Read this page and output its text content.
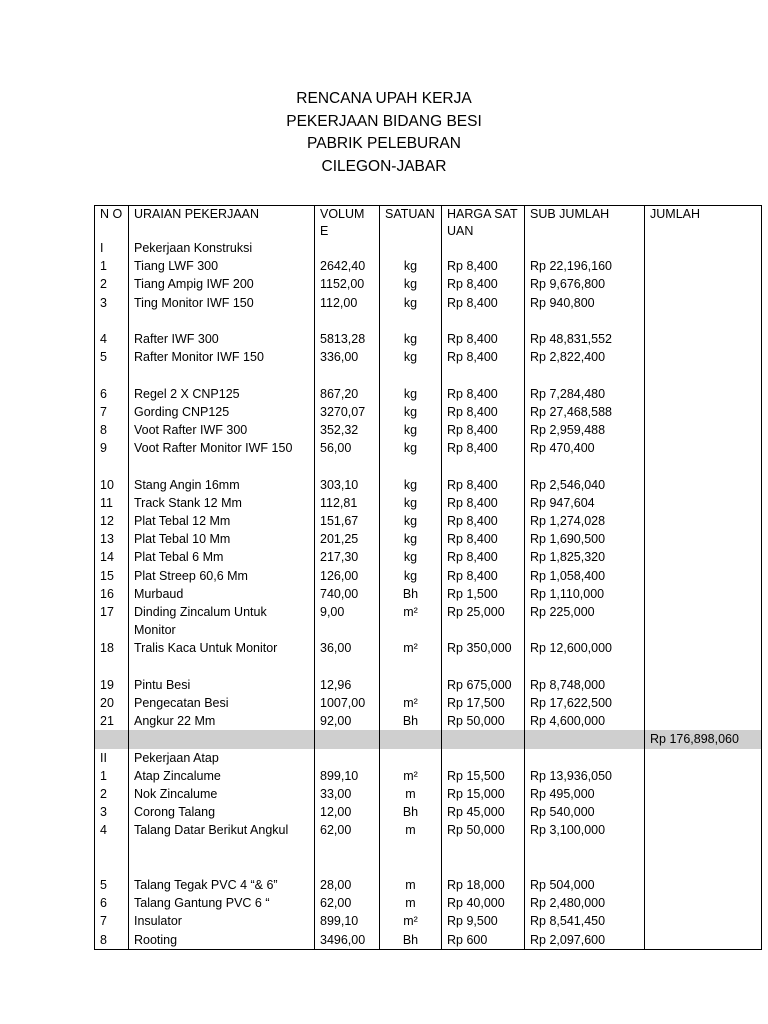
RENCANA UPAH KERJA
PEKERJAAN BIDANG BESI
PABRIK PELEBURAN
CILEGON-JABAR
N O	URAIAN PEKERJAAN	VOLUM E	SATUAN	HARGA SATUAN	SUB JUMLAH	JUMLAH
I	Pekerjaan Konstruksi					
1	Tiang LWF 300	2642,40	kg	Rp 8,400	Rp 22,196,160	
2	Tiang Ampig IWF 200	1152,00	kg	Rp 8,400	Rp 9,676,800	
3	Ting Monitor IWF 150	112,00	kg	Rp 8,400	Rp 940,800	

4	Rafter IWF 300	5813,28	kg	Rp 8,400	Rp 48,831,552	
5	Rafter Monitor IWF 150	336,00	kg	Rp 8,400	Rp 2,822,400	

6	Regel 2 X CNP125	867,20	kg	Rp 8,400	Rp 7,284,480	
7	Gording CNP125	3270,07	kg	Rp 8,400	Rp 27,468,588	
8	Voot Rafter IWF 300	352,32	kg	Rp 8,400	Rp 2,959,488	
9	Voot Rafter Monitor IWF 150	56,00	kg	Rp 8,400	Rp 470,400	

10	Stang Angin 16mm	303,10	kg	Rp 8,400	Rp 2,546,040	
11	Track Stank 12 Mm	112,81	kg	Rp 8,400	Rp 947,604	
12	Plat Tebal 12 Mm	151,67	kg	Rp 8,400	Rp 1,274,028	
13	Plat Tebal 10 Mm	201,25	kg	Rp 8,400	Rp 1,690,500	
14	Plat Tebal 6 Mm	217,30	kg	Rp 8,400	Rp 1,825,320	
15	Plat Streep 60,6 Mm	126,00	kg	Rp 8,400	Rp 1,058,400	
16	Murbaud	740,00	Bh	Rp 1,500	Rp 1,110,000	
17	Dinding Zincalum Untuk Monitor	9,00	m²	Rp 25,000	Rp 225,000	
18	Tralis Kaca Untuk Monitor	36,00	m²	Rp 350,000	Rp 12,600,000	

19	Pintu Besi	12,96		Rp 675,000	Rp 8,748,000	
20	Pengecatan Besi	1007,00	m²	Rp 17,500	Rp 17,622,500	
21	Angkur 22 Mm	92,00	Bh	Rp 50,000	Rp 4,600,000	
						Rp 176,898,060
II	Pekerjaan Atap					
1	Atap Zincalume	899,10	m²	Rp 15,500	Rp 13,936,050	
2	Nok Zincalume	33,00	m	Rp 15,000	Rp 495,000	
3	Corong Talang	12,00	Bh	Rp 45,000	Rp 540,000	
4	Talang Datar Berikut Angkul	62,00	m	Rp 50,000	Rp 3,100,000	

5	Talang Tegak PVC 4 “& 6”	28,00	m	Rp 18,000	Rp 504,000	
6	Talang Gantung PVC 6 “	62,00	m	Rp 40,000	Rp 2,480,000	
7	Insulator	899,10	m²	Rp 9,500	Rp 8,541,450	
8	Rooting	3496,00	Bh	Rp 600	Rp 2,097,600	
